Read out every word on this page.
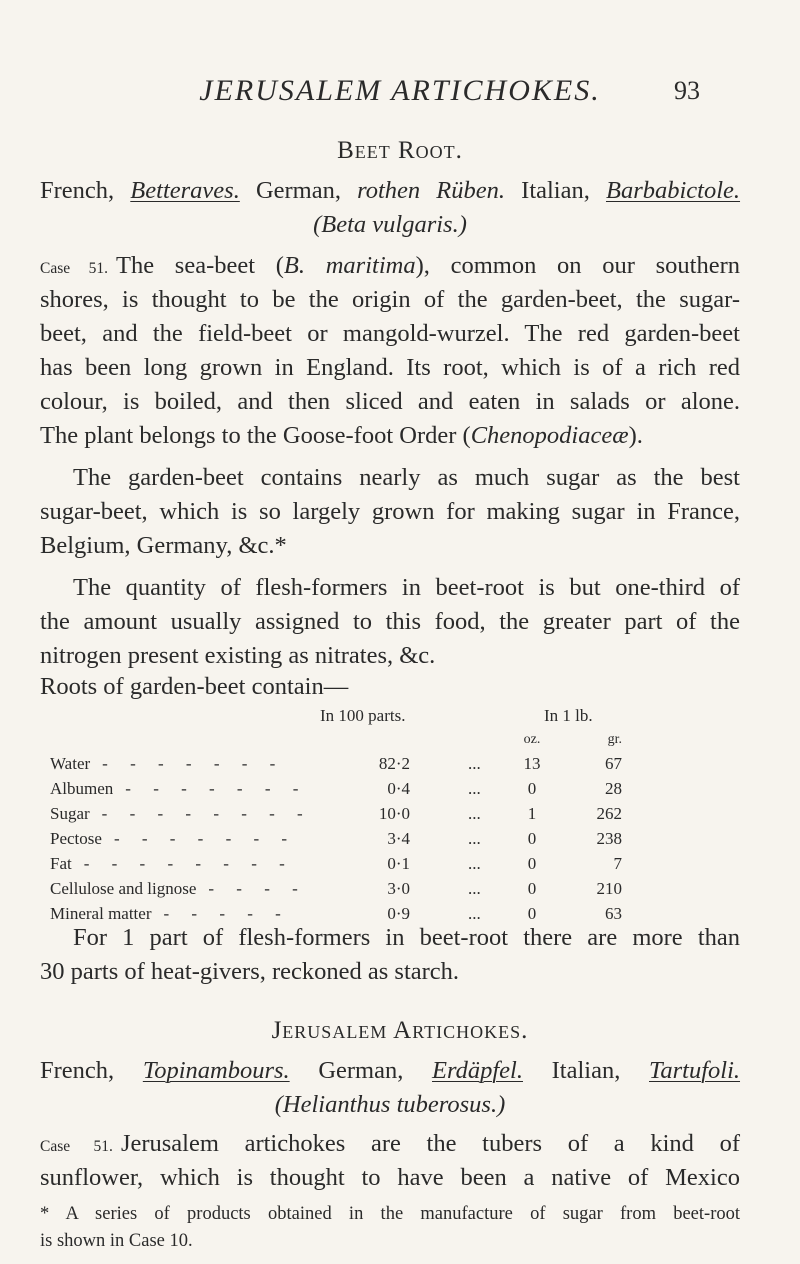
JERUSALEM ARTICHOKES.	93
Beet Root.
French, Betteraves. German, rothen Rüben. Italian, Barbabictole.
(Beta vulgaris.)
Case 51. The sea-beet (B. maritima), common on our southern
shores, is thought to be the origin of the garden-beet, the sugar-
beet, and the field-beet or mangold-wurzel. The red garden-beet
has been long grown in England. Its root, which is of a rich red
colour, is boiled, and then sliced and eaten in salads or alone.
The plant belongs to the Goose-foot Order (Chenopodiaceæ).
The garden-beet contains nearly as much sugar as the best
sugar-beet, which is so largely grown for making sugar in France,
Belgium, Germany, &c.*
The quantity of flesh-formers in beet-root is but one-third of
the amount usually assigned to this food, the greater part of the
nitrogen present existing as nitrates, &c.
Roots of garden-beet contain—
In 100 parts.	In 1 lb.
oz.	gr.
Water - - - - - - -	82·2	...	13	67
Albumen - - - - - - -	0·4	...	0	28
Sugar - - - - - - - -	10·0	...	1	262
Pectose - - - - - - -	3·4	...	0	238
Fat - - - - - - - -	0·1	...	0	7
Cellulose and lignose - - - -	3·0	...	0	210
Mineral matter - - - - -	0·9	...	0	63
For 1 part of flesh-formers in beet-root there are more than
30 parts of heat-givers, reckoned as starch.
Jerusalem Artichokes.
French, Topinambours. German, Erdäpfel. Italian, Tartufoli.
(Helianthus tuberosus.)
Case 51. Jerusalem artichokes are the tubers of a kind of
sunflower, which is thought to have been a native of Mexico
* A series of products obtained in the manufacture of sugar from beet-root
is shown in Case 10.
